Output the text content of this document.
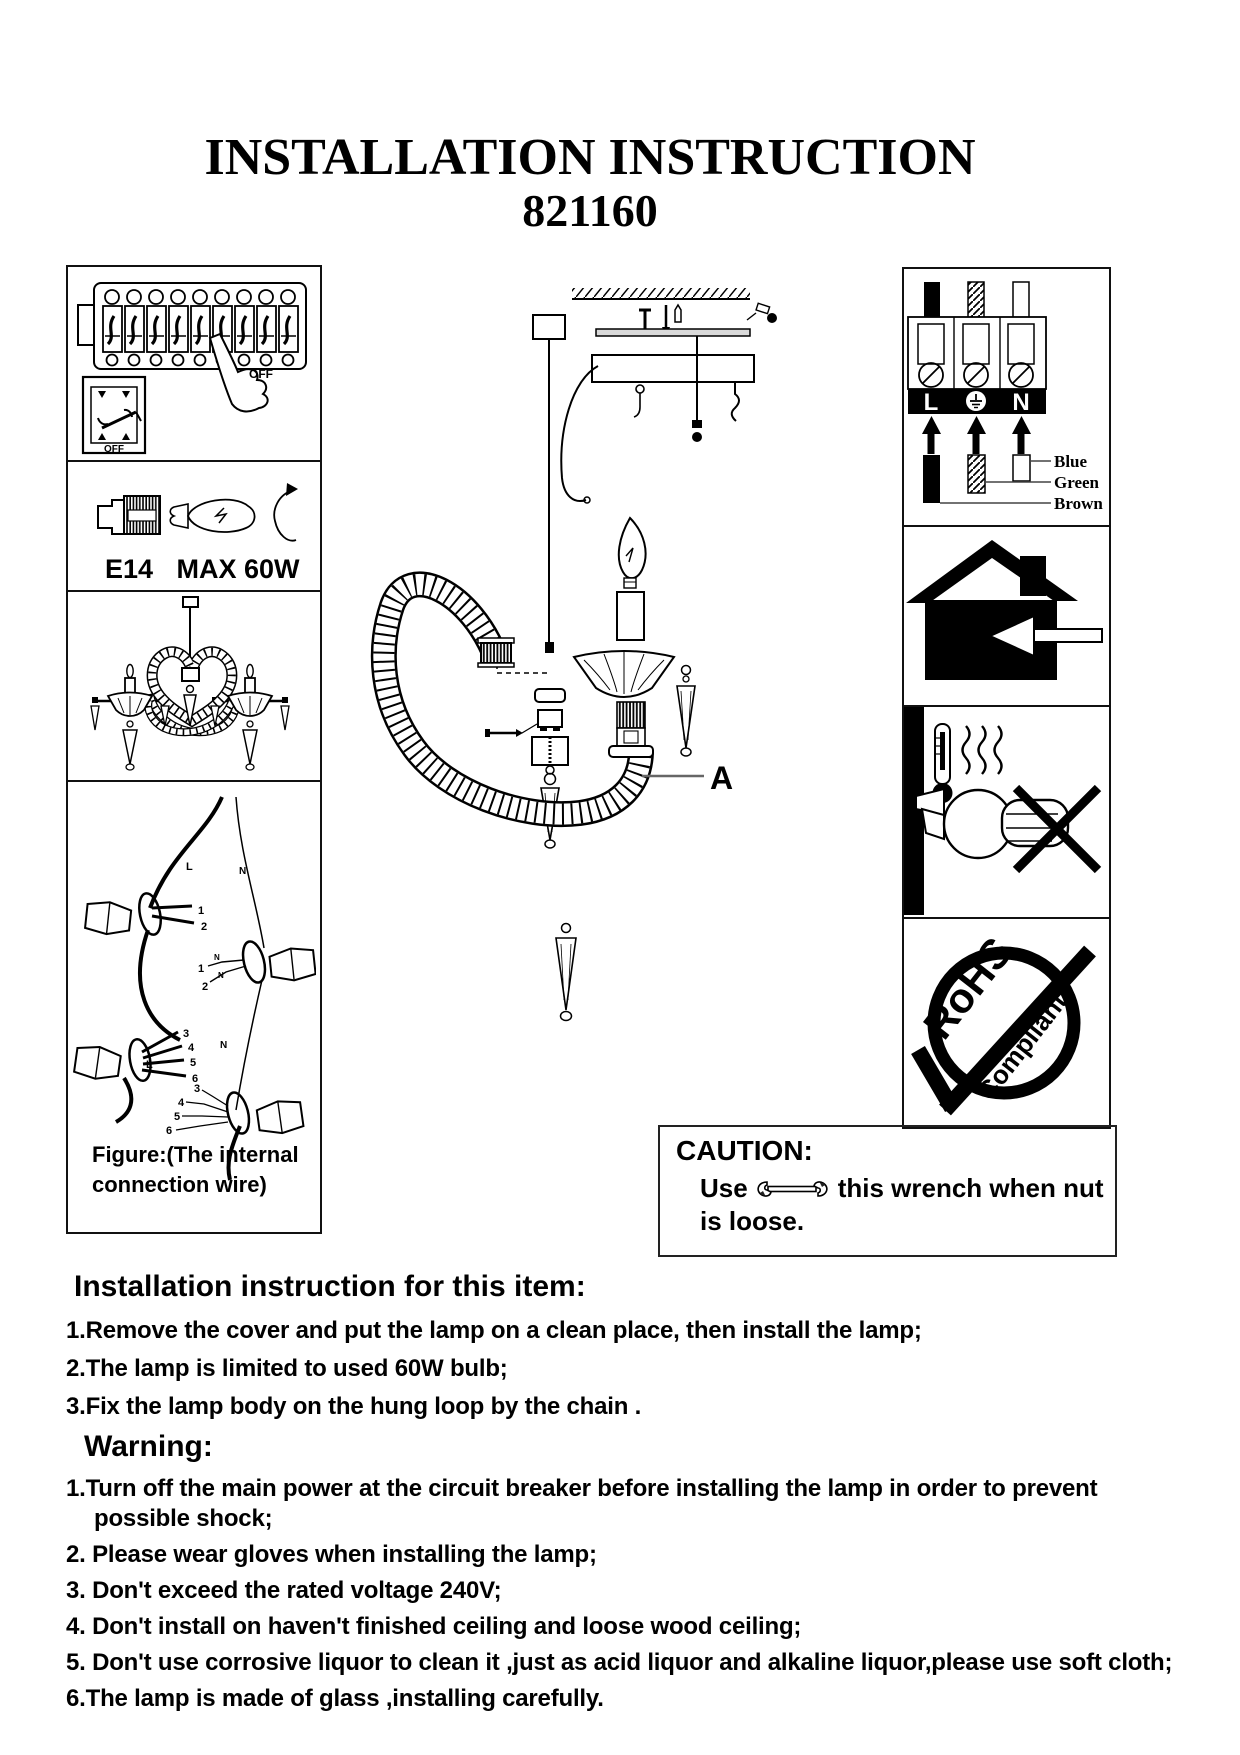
INSTALLATION INSTRUCTION
821160
OFF
OFF
E14 MAX 60W
1
2
L	N
1
2
N
N
3
4
5
6
L
N
3
4
5
6
Figure:(The internal
connection wire)
A
L	N
Blue
Green
Brown
RoHS
Compliant
CAUTION:
Use	this wrench when nut
is loose.
Installation instruction for this item:

1.Remove the cover and put the lamp on a clean place, then install the lamp;

2.The lamp is limited to used 60W bulb;

3.Fix the lamp body on the hung loop by the chain .

Warning:

1.Turn off the main power at the circuit breaker before installing the lamp in order to prevent possible shock;

2. Please wear gloves when installing the lamp;

3. Don't exceed the rated voltage 240V;

4. Don't install on haven't finished ceiling and loose wood ceiling;

5. Don't use corrosive liquor to clean it ,just as acid liquor and alkaline liquor,please use soft cloth;

6.The lamp is made of glass ,installing carefully.
